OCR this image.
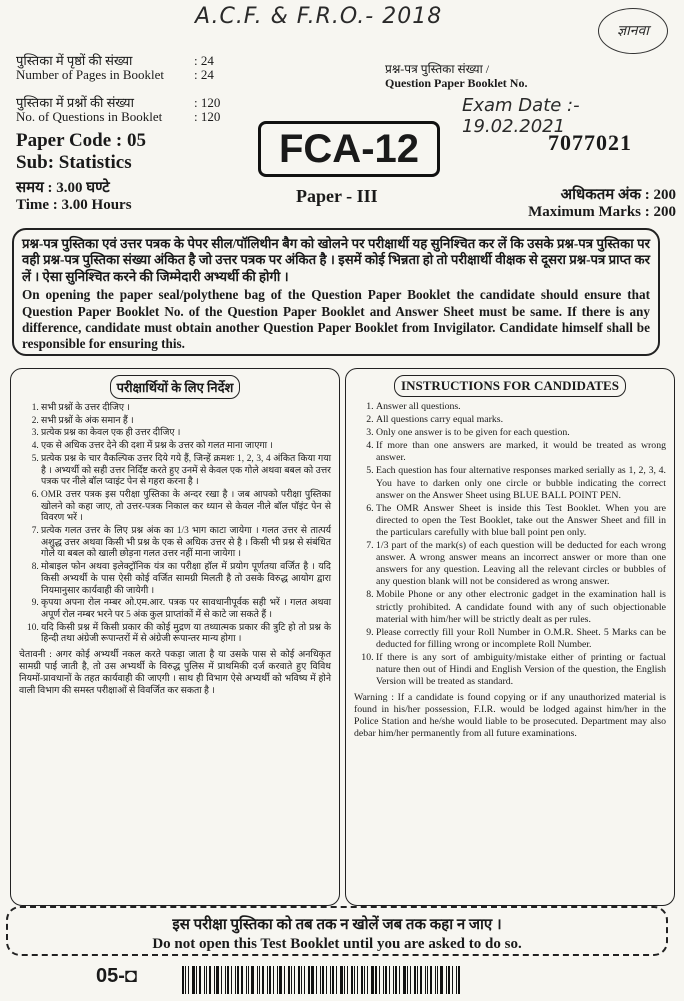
A.C.F. & F.R.O.- 2018
ज्ञानवा
पुस्तिका में पृष्ठों की संख्या	: 24
Number of Pages in Booklet : 24
पुस्तिका में प्रश्नों की संख्या	: 120
No. of Questions in Booklet : 120
Paper Code : 05
Sub: Statistics
समय : 3.00 घण्टे
Time : 3.00 Hours
FCA-12
Paper - III
प्रश्न-पत्र पुस्तिका संख्या /
Question Paper Booklet No.
Exam Date :- 19.02.2021
7077021
अधिकतम अंक : 200
Maximum Marks : 200
प्रश्न-पत्र पुस्तिका एवं उत्तर पत्रक के पेपर सील/पॉलिथीन बैग को खोलने पर परीक्षार्थी यह सुनिश्चित कर लें कि उसके प्रश्न-पत्र पुस्तिका पर वही प्रश्न-पत्र पुस्तिका संख्या अंकित है जो उत्तर पत्रक पर अंकित है । इसमें कोई भिन्नता हो तो परीक्षार्थी वीक्षक से दूसरा प्रश्न-पत्र प्राप्त कर लें । ऐसा सुनिश्चित करने की जिम्मेदारी अभ्यर्थी की होगी ।
On opening the paper seal/polythene bag of the Question Paper Booklet the candidate should ensure that Question Paper Booklet No. of the Question Paper Booklet and Answer Sheet must be same. If there is any difference, candidate must obtain another Question Paper Booklet from Invigilator. Candidate himself shall be responsible for ensuring this.
परीक्षार्थियों के लिए निर्देश
1. सभी प्रश्नों के उत्तर दीजिए ।
2. सभी प्रश्नों के अंक समान हैं ।
3. प्रत्येक प्रश्न का केवल एक ही उत्तर दीजिए ।
4. एक से अधिक उत्तर देने की दशा में प्रश्न के उत्तर को गलत माना जाएगा ।
5. प्रत्येक प्रश्न के चार वैकल्पिक उत्तर दिये गये हैं, जिन्हें क्रमशः 1, 2, 3, 4 अंकित किया गया है । अभ्यर्थी को सही उत्तर निर्दिष्ट करते हुए उनमें से केवल एक गोले अथवा बबल को उत्तर पत्रक पर नीले बॉल प्वाइंट पेन से गहरा करना है ।
6. OMR उत्तर पत्रक इस परीक्षा पुस्तिका के अन्दर रखा है । जब आपको परीक्षा पुस्तिका खोलने को कहा जाए, तो उत्तर-पत्रक निकाल कर ध्यान से केवल नीले बॉल पॉइंट पेन से विवरण भरें ।
7. प्रत्येक गलत उत्तर के लिए प्रश्न अंक का 1/3 भाग काटा जायेगा । गलत उत्तर से तात्पर्य अशुद्ध उत्तर अथवा किसी भी प्रश्न के एक से अधिक उत्तर से है । किसी भी प्रश्न से संबंधित गोले या बबल को खाली छोड़ना गलत उत्तर नहीं माना जायेगा ।
8. मोबाइल फोन अथवा इलेक्ट्रॉनिक यंत्र का परीक्षा हॉल में प्रयोग पूर्णतया वर्जित है । यदि किसी अभ्यर्थी के पास ऐसी कोई वर्जित सामग्री मिलती है तो उसके विरुद्ध आयोग द्वारा नियमानुसार कार्यवाही की जायेगी ।
9. कृपया अपना रोल नम्बर ओ.एम.आर. पत्रक पर सावधानीपूर्वक सही भरें । गलत अथवा अपूर्ण रोल नम्बर भरने पर 5 अंक कुल प्राप्तांकों में से काटे जा सकते हैं ।
10. यदि किसी प्रश्न में किसी प्रकार की कोई मुद्रण या तथ्यात्मक प्रकार की त्रुटि हो तो प्रश्न के हिन्दी तथा अंग्रेजी रूपान्तरों में से अंग्रेजी रूपान्तर मान्य होगा ।
चेतावनी : अगर कोई अभ्यर्थी नकल करते पकड़ा जाता है या उसके पास से कोई अनधिकृत सामग्री पाई जाती है, तो उस अभ्यर्थी के विरुद्ध पुलिस में प्राथमिकी दर्ज करवाते हुए विविध नियमों-प्रावधानों के तहत कार्यवाही की जाएगी । साथ ही विभाग ऐसे अभ्यर्थी को भविष्य में होने वाली विभाग की समस्त परीक्षाओं से विवर्जित कर सकता है ।
INSTRUCTIONS FOR CANDIDATES
1. Answer all questions.
2. All questions carry equal marks.
3. Only one answer is to be given for each question.
4. If more than one answers are marked, it would be treated as wrong answer.
5. Each question has four alternative responses marked serially as 1, 2, 3, 4. You have to darken only one circle or bubble indicating the correct answer on the Answer Sheet using BLUE BALL POINT PEN.
6. The OMR Answer Sheet is inside this Test Booklet. When you are directed to open the Test Booklet, take out the Answer Sheet and fill in the particulars carefully with blue ball point pen only.
7. 1/3 part of the mark(s) of each question will be deducted for each wrong answer. A wrong answer means an incorrect answer or more than one answers for any question. Leaving all the relevant circles or bubbles of any question blank will not be considered as wrong answer.
8. Mobile Phone or any other electronic gadget in the examination hall is strictly prohibited. A candidate found with any of such objectionable material with him/her will be strictly dealt as per rules.
9. Please correctly fill your Roll Number in O.M.R. Sheet. 5 Marks can be deducted for filling wrong or incomplete Roll Number.
10. If there is any sort of ambiguity/mistake either of printing or factual nature then out of Hindi and English Version of the question, the English Version will be treated as standard.
Warning : If a candidate is found copying or if any unauthorized material is found in his/her possession, F.I.R. would be lodged against him/her in the Police Station and he/she would liable to be prosecuted. Department may also debar him/her permanently from all future examinations.
इस परीक्षा पुस्तिका को तब तक न खोलें जब तक कहा न जाए ।
Do not open this Test Booklet until you are asked to do so.
05-◘
